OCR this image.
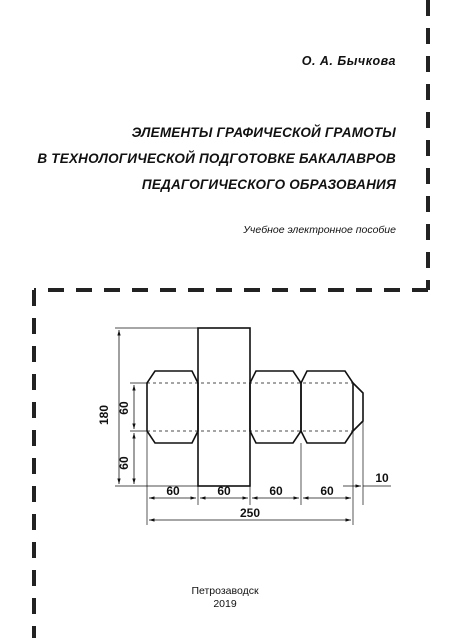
О. А. Бычкова
ЭЛЕМЕНТЫ ГРАФИЧЕСКОЙ ГРАМОТЫ
В ТЕХНОЛОГИЧЕСКОЙ ПОДГОТОВКЕ БАКАЛАВРОВ
ПЕДАГОГИЧЕСКОГО ОБРАЗОВАНИЯ
Учебное электронное пособие
180 60
60
60	60	60	60
10
250
Петрозаводск
2019
